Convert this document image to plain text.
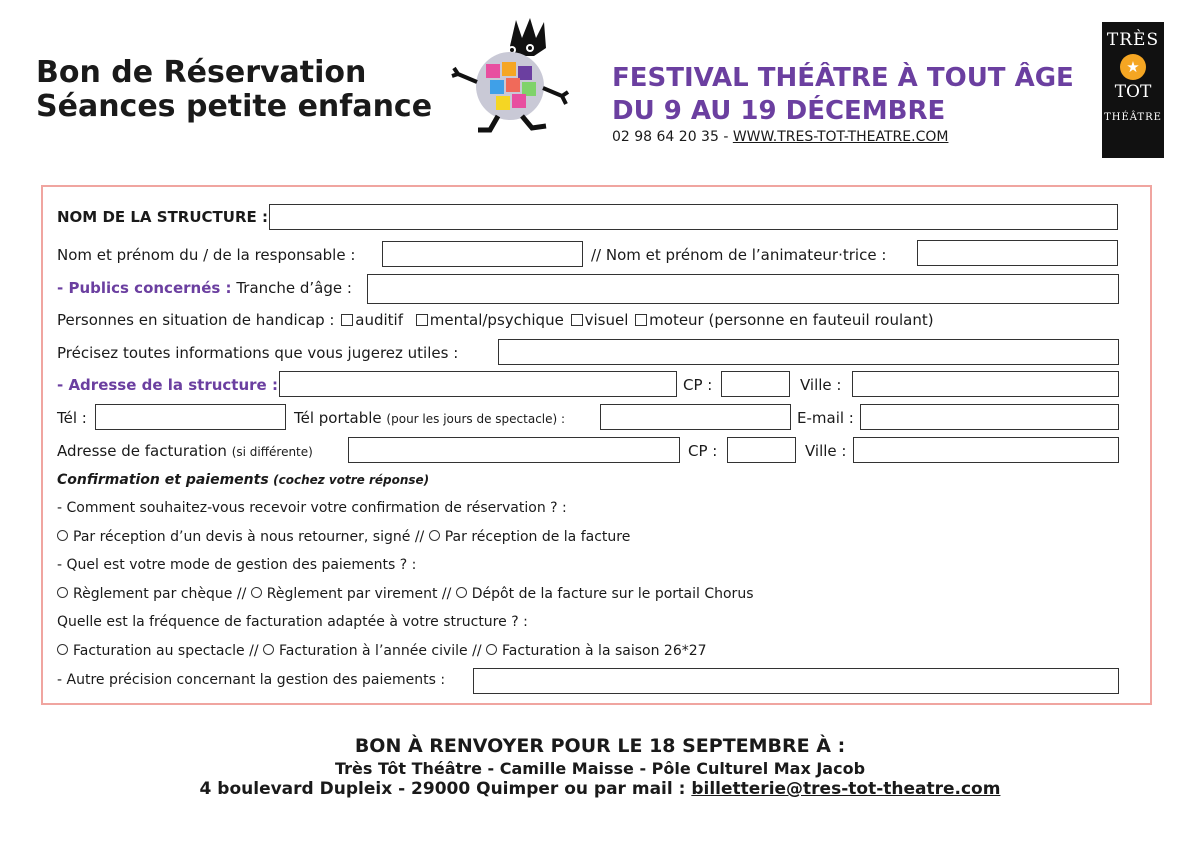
Bon de Réservation
Séances petite enfance
FESTIVAL THÉÂTRE À TOUT ÂGE
DU 9 AU 19 DÉCEMBRE
02 98 64 20 35 - WWW.TRES-TOT-THEATRE.COM
TRÈS
★
TOT
THÉÂTRE
NOM DE LA STRUCTURE :
Nom et prénom du / de la responsable :	// Nom et prénom de l’animateur·trice :
- Publics concernés : Tranche d’âge :
Personnes en situation de handicap : auditif mental/psychique visuel moteur (personne en fauteuil roulant)
Précisez toutes informations que vous jugerez utiles :
- Adresse de la structure :	CP :	Ville :
Tél :	Tél portable (pour les jours de spectacle) :	E-mail :
Adresse de facturation (si différente)	CP :	Ville :
Confirmation et paiements (cochez votre réponse)
- Comment souhaitez-vous recevoir votre confirmation de réservation ? :
Par réception d’un devis à nous retourner, signé // Par réception de la facture
- Quel est votre mode de gestion des paiements ? :
Règlement par chèque // Règlement par virement // Dépôt de la facture sur le portail Chorus
Quelle est la fréquence de facturation adaptée à votre structure ? :
Facturation au spectacle // Facturation à l’année civile // Facturation à la saison 26*27
- Autre précision concernant la gestion des paiements :
BON À RENVOYER POUR LE 18 SEPTEMBRE À :
Très Tôt Théâtre - Camille Maisse - Pôle Culturel Max Jacob
4 boulevard Dupleix - 29000 Quimper ou par mail : billetterie@tres-tot-theatre.com
